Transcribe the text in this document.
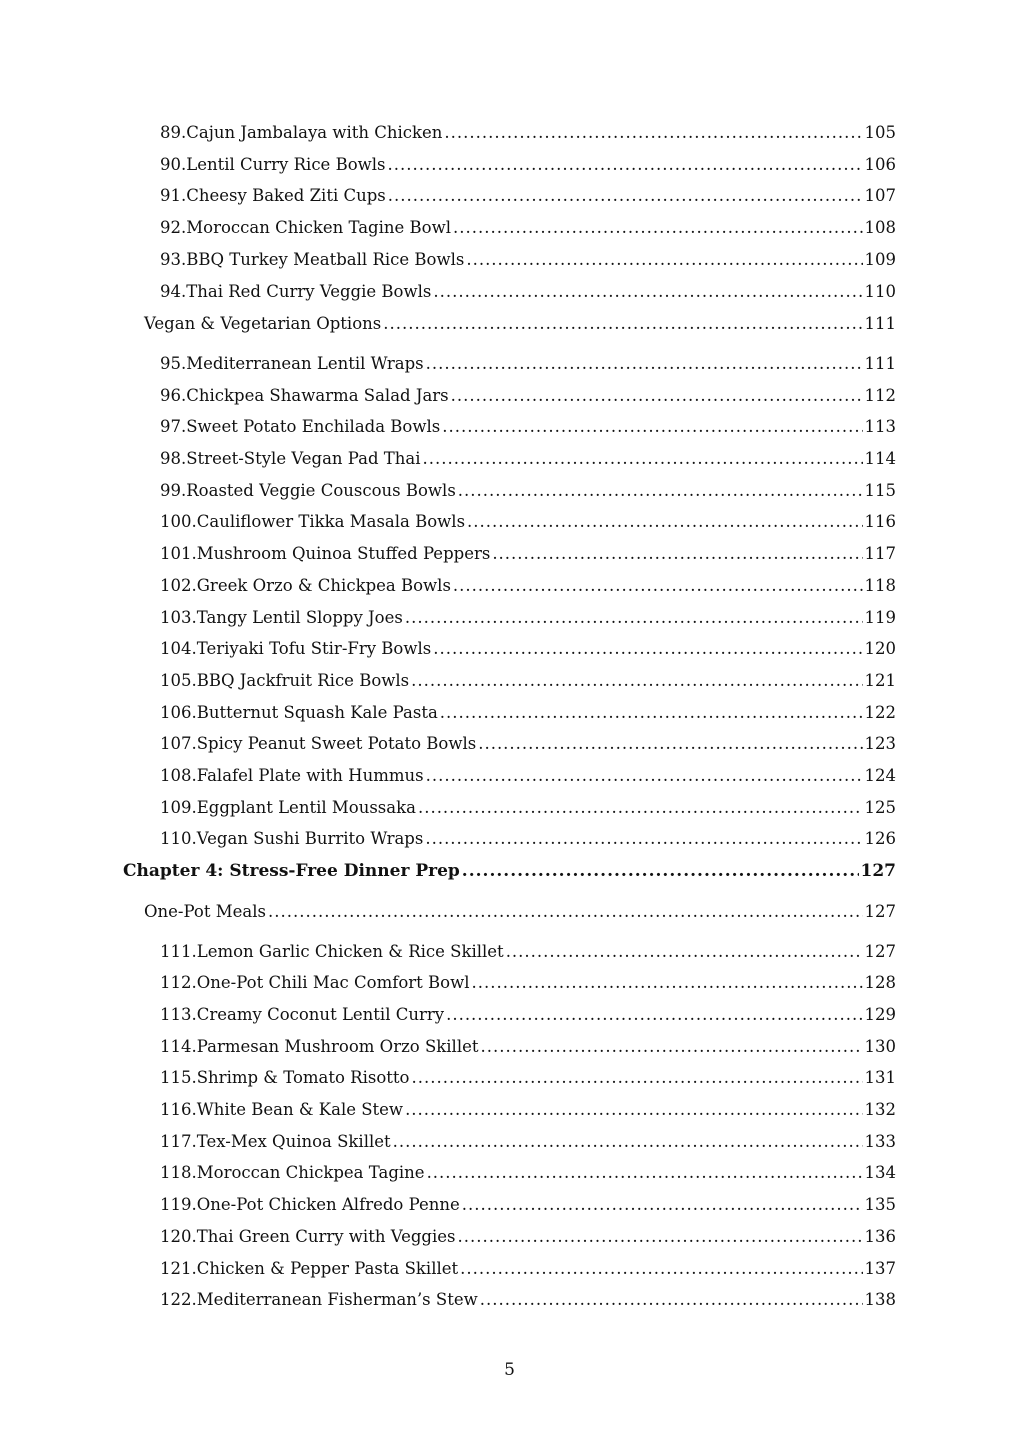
89. Cajun Jambalaya with Chicken .....	105
90. Lentil Curry Rice Bowls .....	106
91. Cheesy Baked Ziti Cups .....	107
92. Moroccan Chicken Tagine Bowl .....	108
93. BBQ Turkey Meatball Rice Bowls .....	109
94. Thai Red Curry Veggie Bowls .....	110
Vegan & Vegetarian Options .....	111
95. Mediterranean Lentil Wraps .....	111
96. Chickpea Shawarma Salad Jars .....	112
97. Sweet Potato Enchilada Bowls .....	113
98. Street-Style Vegan Pad Thai .....	114
99. Roasted Veggie Couscous Bowls .....	115
100. Cauliflower Tikka Masala Bowls .....	116
101. Mushroom Quinoa Stuffed Peppers .....	117
102. Greek Orzo & Chickpea Bowls .....	118
103. Tangy Lentil Sloppy Joes .....	119
104. Teriyaki Tofu Stir-Fry Bowls .....	120
105. BBQ Jackfruit Rice Bowls .....	121
106. Butternut Squash Kale Pasta .....	122
107. Spicy Peanut Sweet Potato Bowls .....	123
108. Falafel Plate with Hummus .....	124
109. Eggplant Lentil Moussaka .....	125
110. Vegan Sushi Burrito Wraps .....	126
Chapter 4: Stress-Free Dinner Prep .....	127
One-Pot Meals .....	127
111. Lemon Garlic Chicken & Rice Skillet .....	127
112. One-Pot Chili Mac Comfort Bowl .....	128
113. Creamy Coconut Lentil Curry .....	129
114. Parmesan Mushroom Orzo Skillet .....	130
115. Shrimp & Tomato Risotto .....	131
116. White Bean & Kale Stew .....	132
117. Tex-Mex Quinoa Skillet .....	133
118. Moroccan Chickpea Tagine .....	134
119. One-Pot Chicken Alfredo Penne .....	135
120. Thai Green Curry with Veggies .....	136
121. Chicken & Pepper Pasta Skillet .....	137
122. Mediterranean Fisherman’s Stew .....	138
5
